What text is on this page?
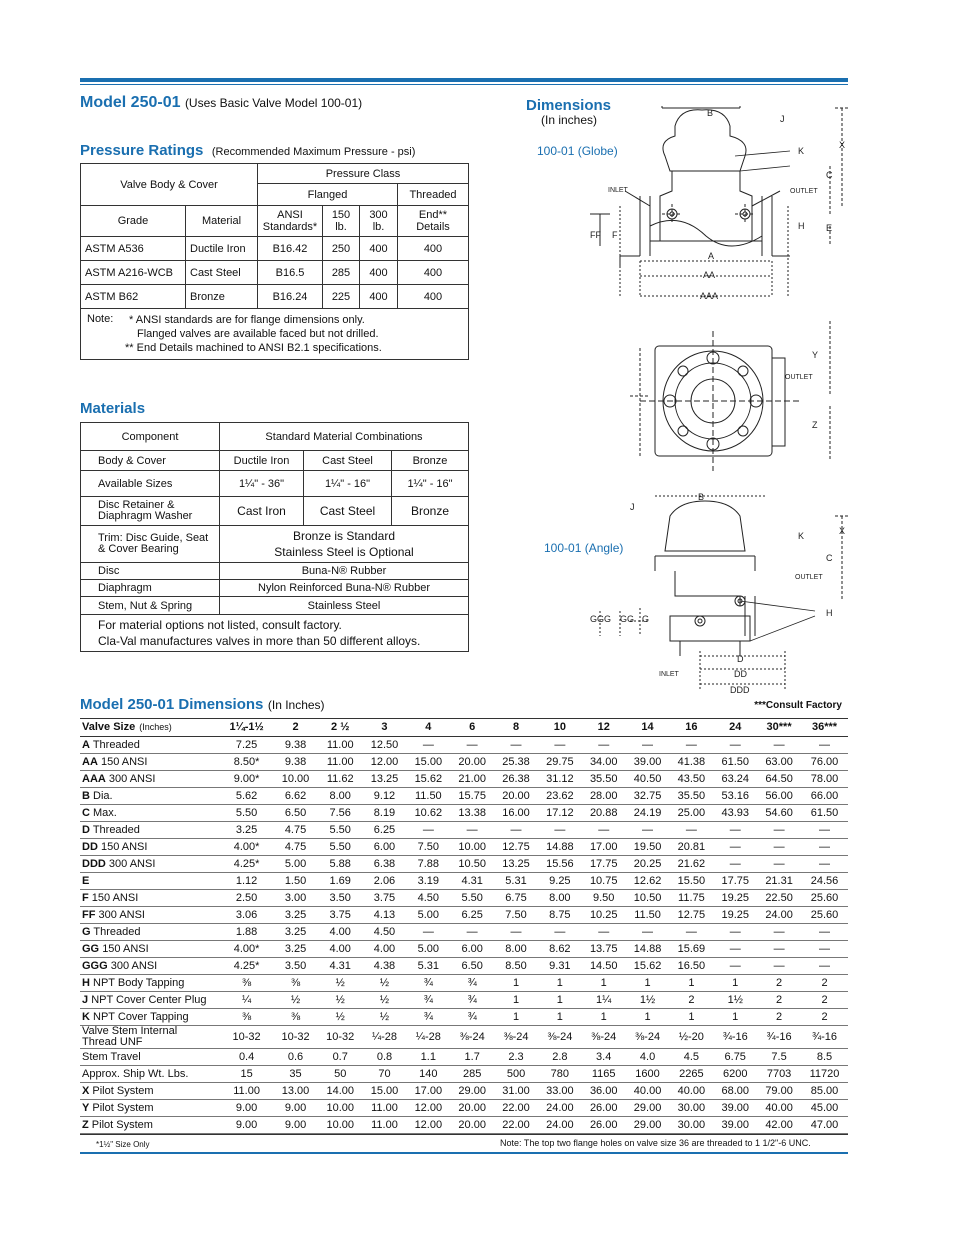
Model 250-01 (Uses Basic Valve Model 100-01)
Pressure Ratings (Recommended Maximum Pressure - psi)
Valve Body & Cover		Pressure Class			
		Flanged			Threaded
Grade	Material	ANSI Standards*	150 lb.	300 lb.	End** Details
ASTM A536	Ductile Iron	B16.42	250	400	400
ASTM A216-WCB	Cast Steel	B16.5	285	400	400
ASTM B62	Bronze	B16.24	225	400	400

Note: * ANSI standards are for flange dimensions only.
Flanged valves are available faced but not drilled.
** End Details machined to ANSI B2.1 specifications.					
Materials
Component	Standard Material Combinations		
Body & Cover	Ductile Iron	Cast Steel	Bronze
Available Sizes	1¼" - 36"	1¼" - 16"	1¼" - 16"
Disc Retainer & Diaphragm Washer	Cast Iron	Cast Steel	Bronze
Trim: Disc Guide, Seat & Cover Bearing	Bronze is Standard
Stainless Steel is Optional		

Disc	Buna-N® Rubber		
Diaphragm	Nylon Reinforced Buna-N® Rubber		
Stem, Nut & Spring	Stainless Steel		

For material options not listed, consult factory.
Cla-Val manufactures valves in more than 50 different alloys.			
Dimensions
(In inches)
100-01 (Globe)
100-01 (Angle)
B
J
K
C
X
H E
FF F
A
AA
AAA
INLET	OUTLET
Y
OUTLET
Z
B
J
K	X
C
OUTLET
H
GGG GG G
D
DD
DDD
INLET
Model 250-01 Dimensions (In Inches)	***Consult Factory
Valve Size (Inches)	1¼-1½	2	2 ½	3	4	6	8	10	12	14	16	24	30***	36***
A Threaded	7.25	9.38	11.00	12.50	—	—	—	—	—	—	—	—	—	—
AA 150 ANSI	8.50*	9.38	11.00	12.00	15.00	20.00	25.38	29.75	34.00	39.00	41.38	61.50	63.00	76.00
AAA 300 ANSI	9.00*	10.00	11.62	13.25	15.62	21.00	26.38	31.12	35.50	40.50	43.50	63.24	64.50	78.00
B Dia.	5.62	6.62	8.00	9.12	11.50	15.75	20.00	23.62	28.00	32.75	35.50	53.16	56.00	66.00
C Max.	5.50	6.50	7.56	8.19	10.62	13.38	16.00	17.12	20.88	24.19	25.00	43.93	54.60	61.50
D Threaded	3.25	4.75	5.50	6.25	—	—	—	—	—	—	—	—	—	—
DD 150 ANSI	4.00*	4.75	5.50	6.00	7.50	10.00	12.75	14.88	17.00	19.50	20.81	—	—	—
DDD 300 ANSI	4.25*	5.00	5.88	6.38	7.88	10.50	13.25	15.56	17.75	20.25	21.62	—	—	—
E	1.12	1.50	1.69	2.06	3.19	4.31	5.31	9.25	10.75	12.62	15.50	17.75	21.31	24.56
F 150 ANSI	2.50	3.00	3.50	3.75	4.50	5.50	6.75	8.00	9.50	10.50	11.75	19.25	22.50	25.60
FF 300 ANSI	3.06	3.25	3.75	4.13	5.00	6.25	7.50	8.75	10.25	11.50	12.75	19.25	24.00	25.60
G Threaded	1.88	3.25	4.00	4.50	—	—	—	—	—	—	—	—	—	—
GG 150 ANSI	4.00*	3.25	4.00	4.00	5.00	6.00	8.00	8.62	13.75	14.88	15.69	—	—	—
GGG 300 ANSI	4.25*	3.50	4.31	4.38	5.31	6.50	8.50	9.31	14.50	15.62	16.50	—	—	—
H NPT Body Tapping	⅜	⅜	½	½	¾	¾	1	1	1	1	1	1	2	2
J NPT Cover Center Plug	¼	½	½	½	¾	¾	1	1	1¼	1½	2	1½	2	2
K NPT Cover Tapping	⅜	⅜	½	½	¾	¾	1	1	1	1	1	1	2	2
Valve Stem Internal Thread UNF	10-32	10-32	10-32	¼-28	¼-28	⅜-24	⅜-24	⅜-24	⅜-24	⅜-24	½-20	¾-16	¾-16	¾-16
Stem Travel	0.4	0.6	0.7	0.8	1.1	1.7	2.3	2.8	3.4	4.0	4.5	6.75	7.5	8.5
Approx. Ship Wt. Lbs.	15	35	50	70	140	285	500	780	1165	1600	2265	6200	7703	11720
X Pilot System	11.00	13.00	14.00	15.00	17.00	29.00	31.00	33.00	36.00	40.00	40.00	68.00	79.00	85.00
Y Pilot System	9.00	9.00	10.00	11.00	12.00	20.00	22.00	24.00	26.00	29.00	30.00	39.00	40.00	45.00
Z Pilot System	9.00	9.00	10.00	11.00	12.00	20.00	22.00	24.00	26.00	29.00	30.00	39.00	42.00	47.00
*1½" Size Only	Note: The top two flange holes on valve size 36 are threaded to 1 1/2"-6 UNC.
